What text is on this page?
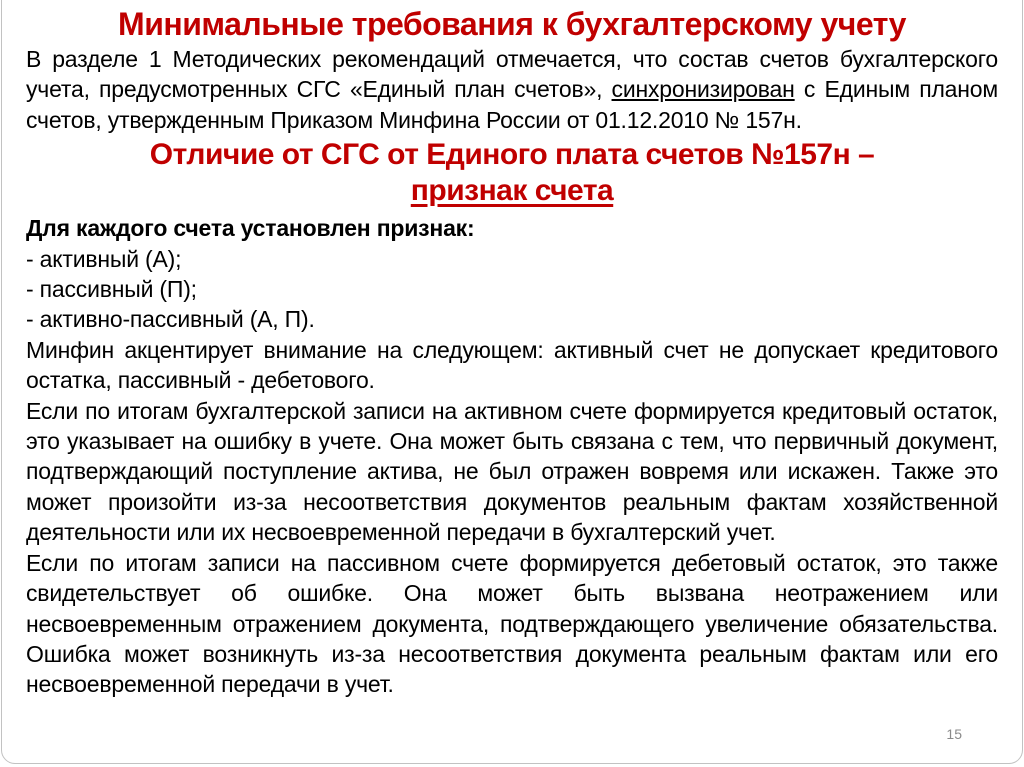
Минимальные требования к бухгалтерскому учету

В разделе 1 Методических рекомендаций отмечается, что состав счетов бухгалтерского учета, предусмотренных СГС «Единый план счетов», синхронизирован с Единым планом счетов, утвержденным Приказом Минфина России от 01.12.2010 № 157н.

Отличие от СГС от Единого плата счетов №157н –
признак счета

Для каждого счета установлен признак:

- активный (А);

- пассивный (П);

- активно-пассивный (А, П).

Минфин акцентирует внимание на следующем: активный счет не допускает кредитового остатка, пассивный - дебетового.

Если по итогам бухгалтерской записи на активном счете формируется кредитовый остаток, это указывает на ошибку в учете. Она может быть связана с тем, что первичный документ, подтверждающий поступление актива, не был отражен вовремя или искажен. Также это может произойти из-за несоответствия документов реальным фактам хозяйственной деятельности или их несвоевременной передачи в бухгалтерский учет.

Если по итогам записи на пассивном счете формируется дебетовый остаток, это также свидетельствует об ошибке. Она может быть вызвана неотражением или несвоевременным отражением документа, подтверждающего увеличение обязательства. Ошибка может возникнуть из-за несоответствия документа реальным фактам или его несвоевременной передачи в учет.

15
